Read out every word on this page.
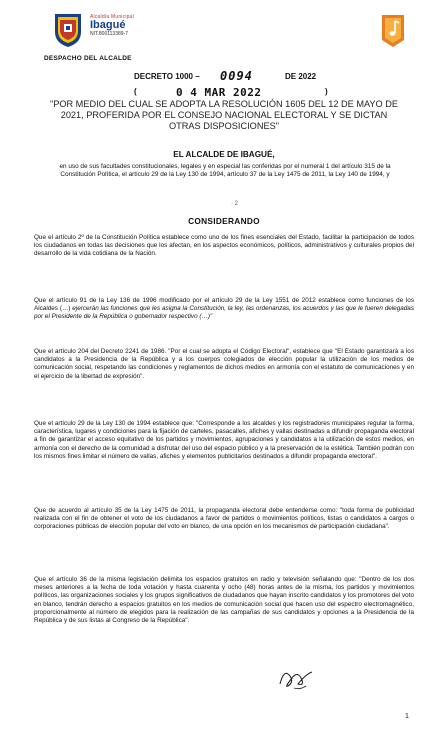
Alcaldía Municipal
Ibagué
NIT.800113389-7
DESPACHO DEL ALCALDE
DECRETO 1000 – 0094	DE 2022
(	0 4 MAR 2022	)
"POR MEDIO DEL CUAL SE ADOPTA LA RESOLUCIÓN 1605 DEL 12 DE MAYO DE 2021, PROFERIDA POR EL CONSEJO NACIONAL ELECTORAL Y SE DICTAN OTRAS DISPOSICIONES"
EL ALCALDE DE IBAGUÉ,
en uso de sus facultades constitucionales, legales y en especial las conferidas por el numeral 1 del artículo 315 de la Constitución Política, el artículo 29 de la Ley 130 de 1994, artículo 37 de la Ley 1475 de 2011, la Ley 140 de 1994, y
· 2
CONSIDERANDO

Que el artículo 2º de la Constitución Política establece como uno de los fines esenciales del Estado, facilitar la participación de todos los ciudadanos en todas las decisiones que los afectan, en los aspectos económicos, políticos, administrativos y culturales propios del desarrollo de la vida cotidiana de la Nación.

Que el artículo 91 de la Ley 136 de 1996 modificado por el artículo 29 de la Ley 1551 de 2012 establece como funciones de los Alcaldes (…) ejercerán las funciones que les asigna la Constitución, la ley, las ordenanzas, los acuerdos y las que le fueren delegadas por el Presidente de la República o gobernador respectivo (…)"

Que el artículo 204 del Decreto 2241 de 1986. "Por el cual se adopta el Código Electoral", establece que "El Estado garantizará a los candidatos a la Presidencia de la República y a los cuerpos colegiados de elección popular la utilización de los medios de comunicación social, respetando las condiciones y reglamentos de dichos medios en armonía con el estatuto de comunicaciones y en el ejercicio de la libertad de expresión".

Que el artículo 29 de la Ley 130 de 1994 establece que: "Corresponde a los alcaldes y los registradores municipales regular la forma, característica, lugares y condiciones para la fijación de carteles, pasacalles, afiches y vallas destinadas a difundir propaganda electoral a fin de garantizar el acceso equitativo de los partidos y movimientos, agrupaciones y candidatos a la utilización de estos medios, en armonía con el derecho de la comunidad a disfrutar del uso del espacio público y a la preservación de la estética. También podrán con los mismos fines limitar el número de vallas, afiches y elementos publicitarios destinados a difundir propaganda electoral".

Que de acuerdo al artículo 35 de la Ley 1475 de 2011, la propaganda electoral debe entenderse como: "toda forma de publicidad realizada con el fin de obtener el voto de los ciudadanos a favor de partidos o movimientos políticos, listas o candidatos a cargos o corporaciones públicas de elección popular del voto en blanco, de una opción en los mecanismos de participación ciudadana".

Que el artículo 36 de la misma legislación delimita los espacios gratuitos en radio y televisión señalando que: "Dentro de los dos meses anteriores a la fecha de toda votación y hasta cuarenta y ocho (48) horas antes de la misma, los partidos y movimientos políticos, las organizaciones sociales y los grupos significativos de ciudadanos que hayan inscrito candidatos y los promotores del voto en blanco, tendrán derecho a espacios gratuitos en los medios de comunicación social que hacen uso del espectro electromagnético, proporcionalmente al número de elegidos para la realización de las campañas de sus candidatos y opciones a la Presidencia de la República y de sus listas al Congreso de la República".

1
